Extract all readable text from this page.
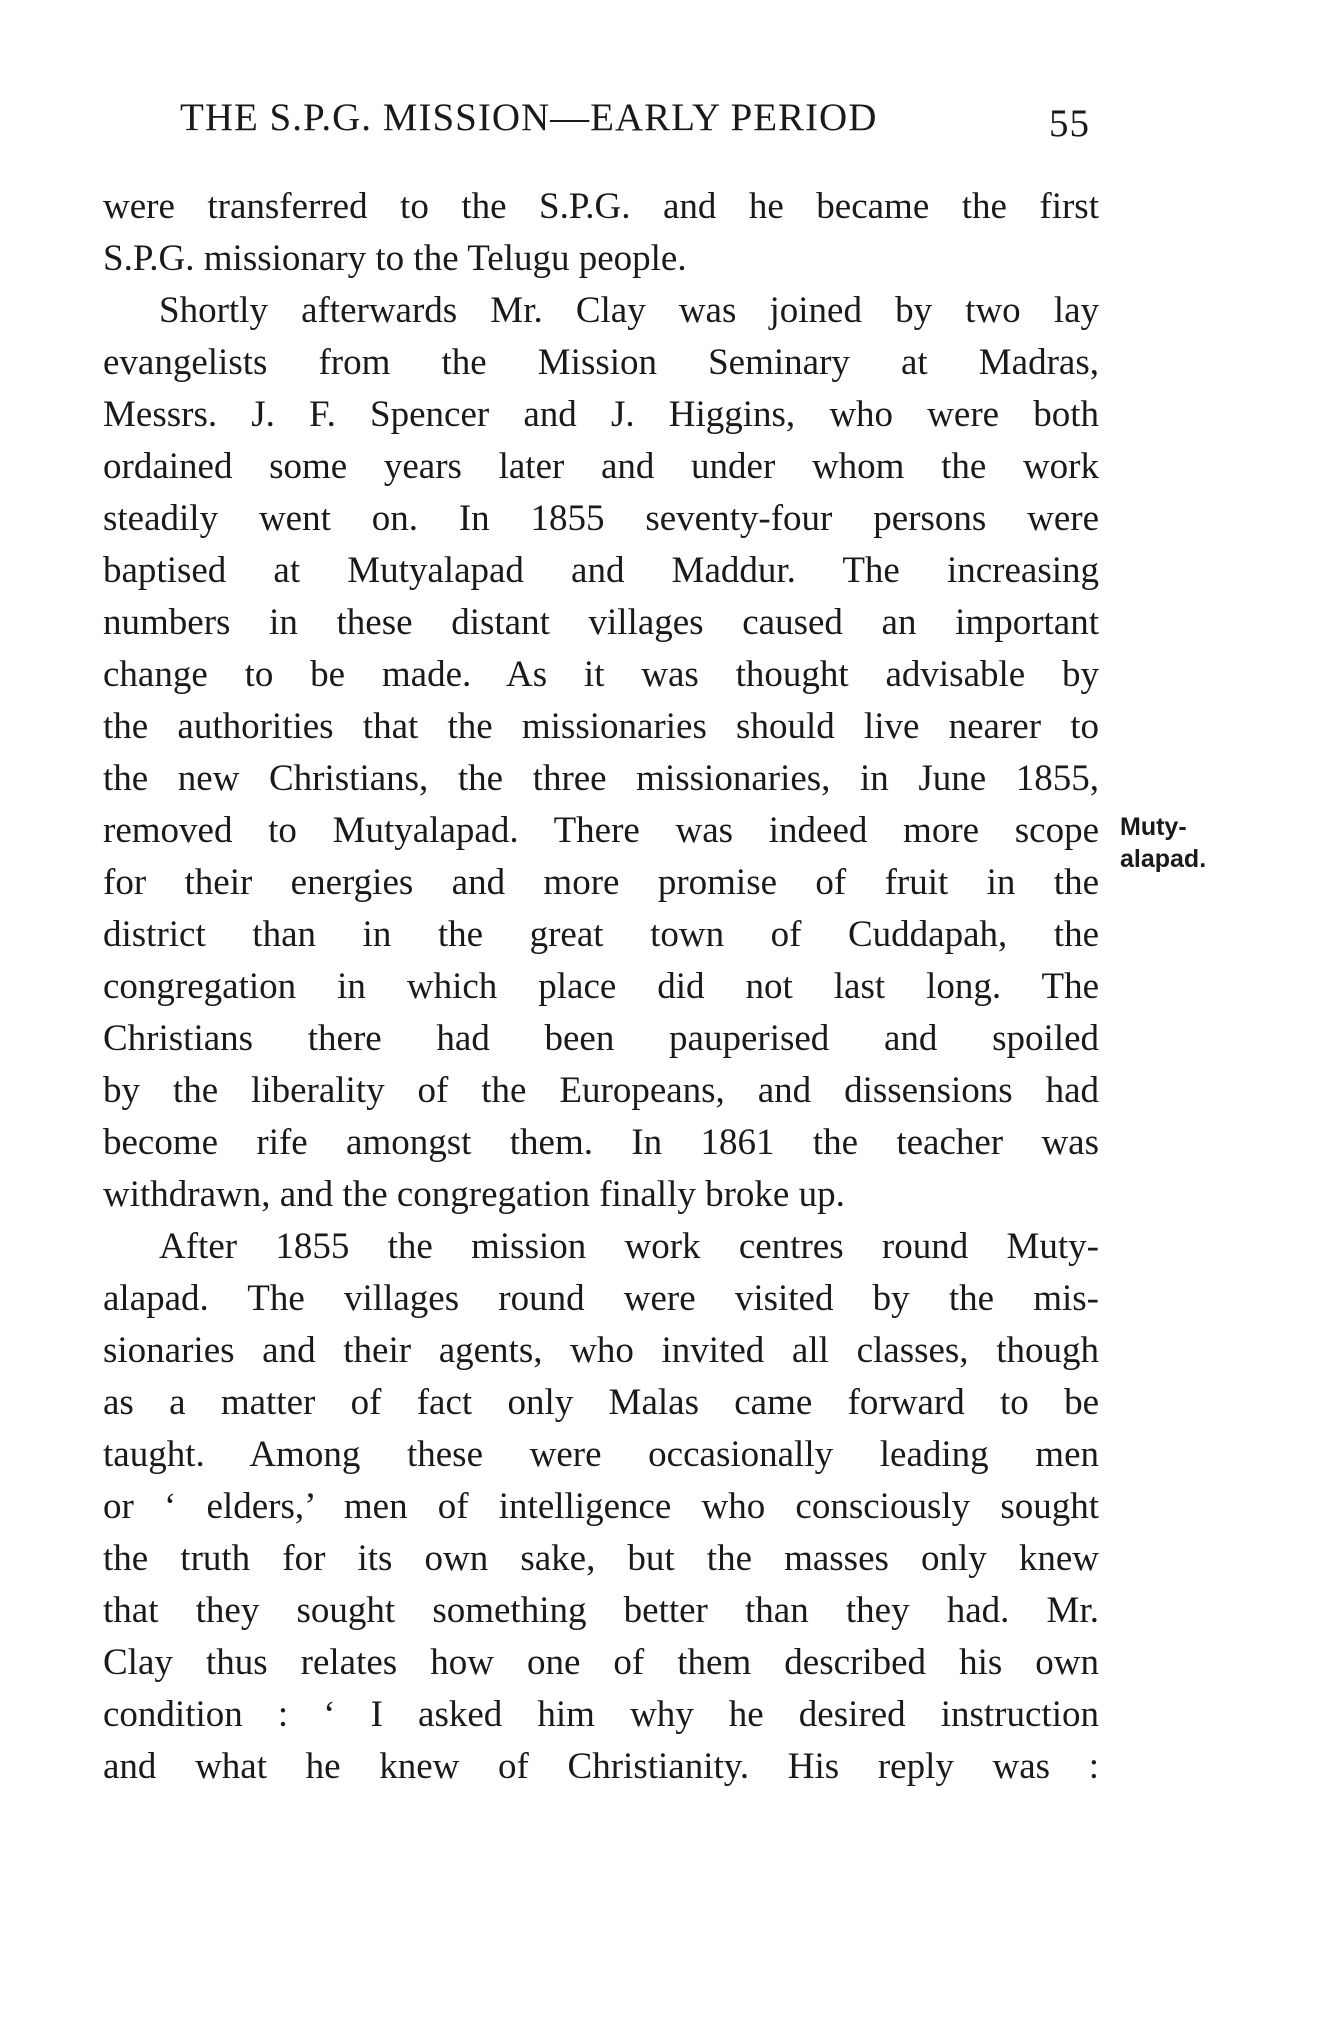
THE S.P.G. MISSION—EARLY PERIOD	55
were transferred to the S.P.G. and he became the first
S.P.G. missionary to the Telugu people.
Shortly afterwards Mr. Clay was joined by two lay
evangelists from the Mission Seminary at Madras,
Messrs. J. F. Spencer and J. Higgins, who were both
ordained some years later and under whom the work
steadily went on. In 1855 seventy-four persons were
baptised at Mutyalapad and Maddur. The increasing
numbers in these distant villages caused an important
change to be made. As it was thought advisable by
the authorities that the missionaries should live nearer to
the new Christians, the three missionaries, in June 1855,
removed to Mutyalapad. There was indeed more scope
for their energies and more promise of fruit in the
district than in the great town of Cuddapah, the
congregation in which place did not last long. The
Christians there had been pauperised and spoiled
by the liberality of the Europeans, and dissensions had
become rife amongst them. In 1861 the teacher was
withdrawn, and the congregation finally broke up.
After 1855 the mission work centres round Muty-
alapad. The villages round were visited by the mis-
sionaries and their agents, who invited all classes, though
as a matter of fact only Malas came forward to be
taught. Among these were occasionally leading men
or ‘ elders,’ men of intelligence who consciously sought
the truth for its own sake, but the masses only knew
that they sought something better than they had. Mr.
Clay thus relates how one of them described his own
condition : ‘ I asked him why he desired instruction
and what he knew of Christianity. His reply was :
Muty-
alapad.
